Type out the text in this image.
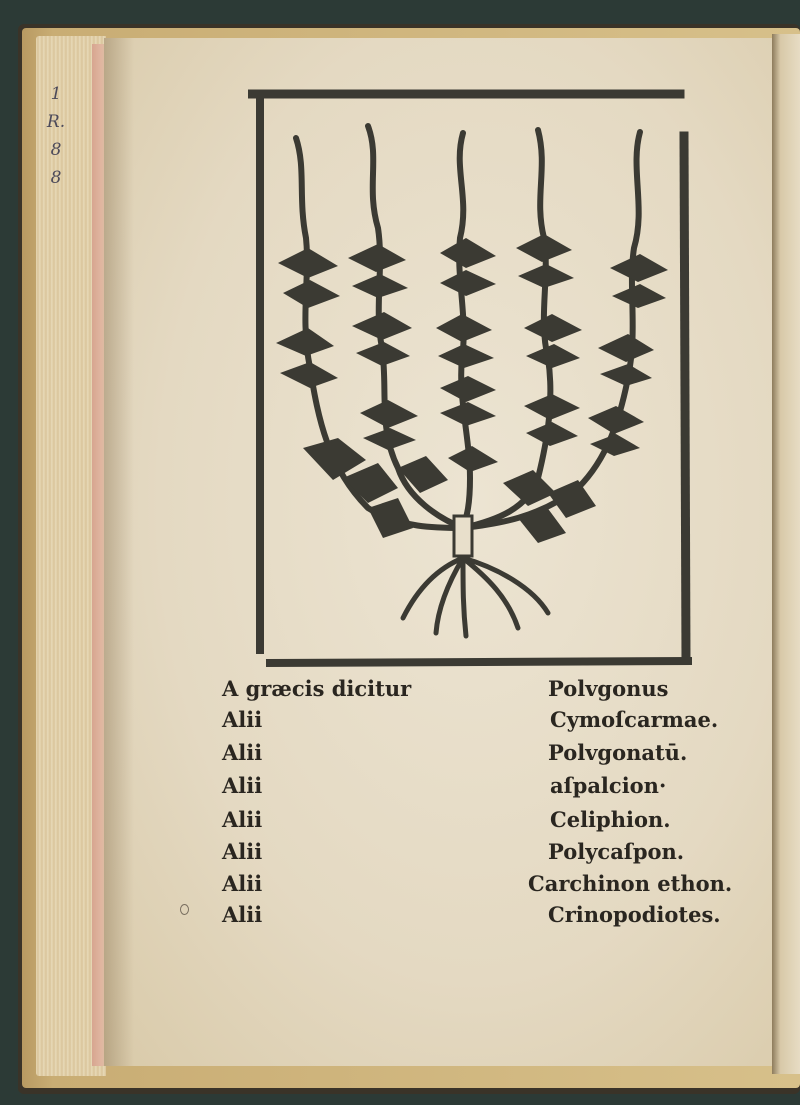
1
R.
8
8
A græcis dicitur	Polvgonus
Alii	Cymoſcarmae.
Alii	Polvgonatū.
Alii	aſpalcion·
Alii	Celiphion.
Alii	Polycaſpon.
Alii	Carchinon ethon.
Alii	Crinopodiotes.
